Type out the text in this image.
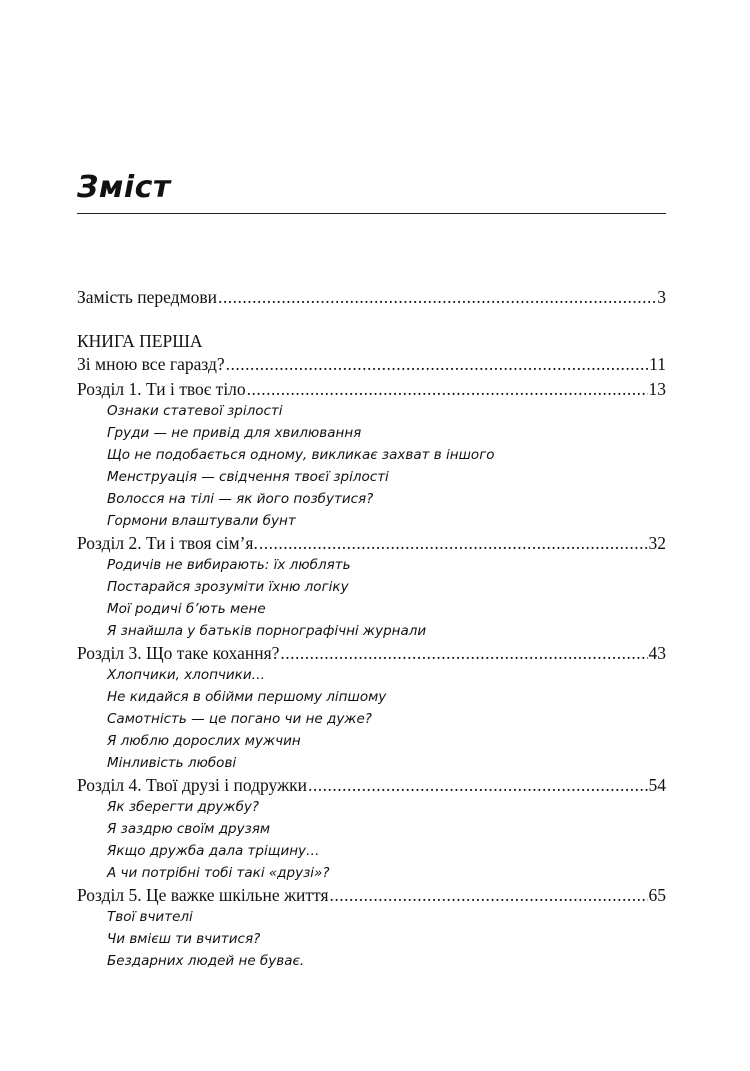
Зміст
Замість передмови .....	3
КНИГА ПЕРША
Зі мною все гаразд? .....	11
Розділ 1. Ти і твоє тіло .....	13
Ознаки статевої зрілості
Груди — не привід для хвилювання
Що не подобається одному, викликає захват в іншого
Менструація — свідчення твоєї зрілості
Волосся на тілі — як його позбутися?
Гормони влаштували бунт
Розділ 2. Ти і твоя сім’я. .....	32
Родичів не вибирають: їх люблять
Постарайся зрозуміти їхню логіку
Мої родичі б’ють мене
Я знайшла у батьків порнографічні журнали
Розділ 3. Що таке кохання? .....	43
Хлопчики, хлопчики…
Не кидайся в обійми першому ліпшому
Самотність — це погано чи не дуже?
Я люблю дорослих мужчин
Мінливість любові
Розділ 4. Твої друзі і подружки .....	54
Як зберегти дружбу?
Я заздрю своїм друзям
Якщо дружба дала тріщину…
А чи потрібні тобі такі «друзі»?
Розділ 5. Це важке шкільне життя .....	65
Твої вчителі
Чи вмієш ти вчитися?
Бездарних людей не буває.
